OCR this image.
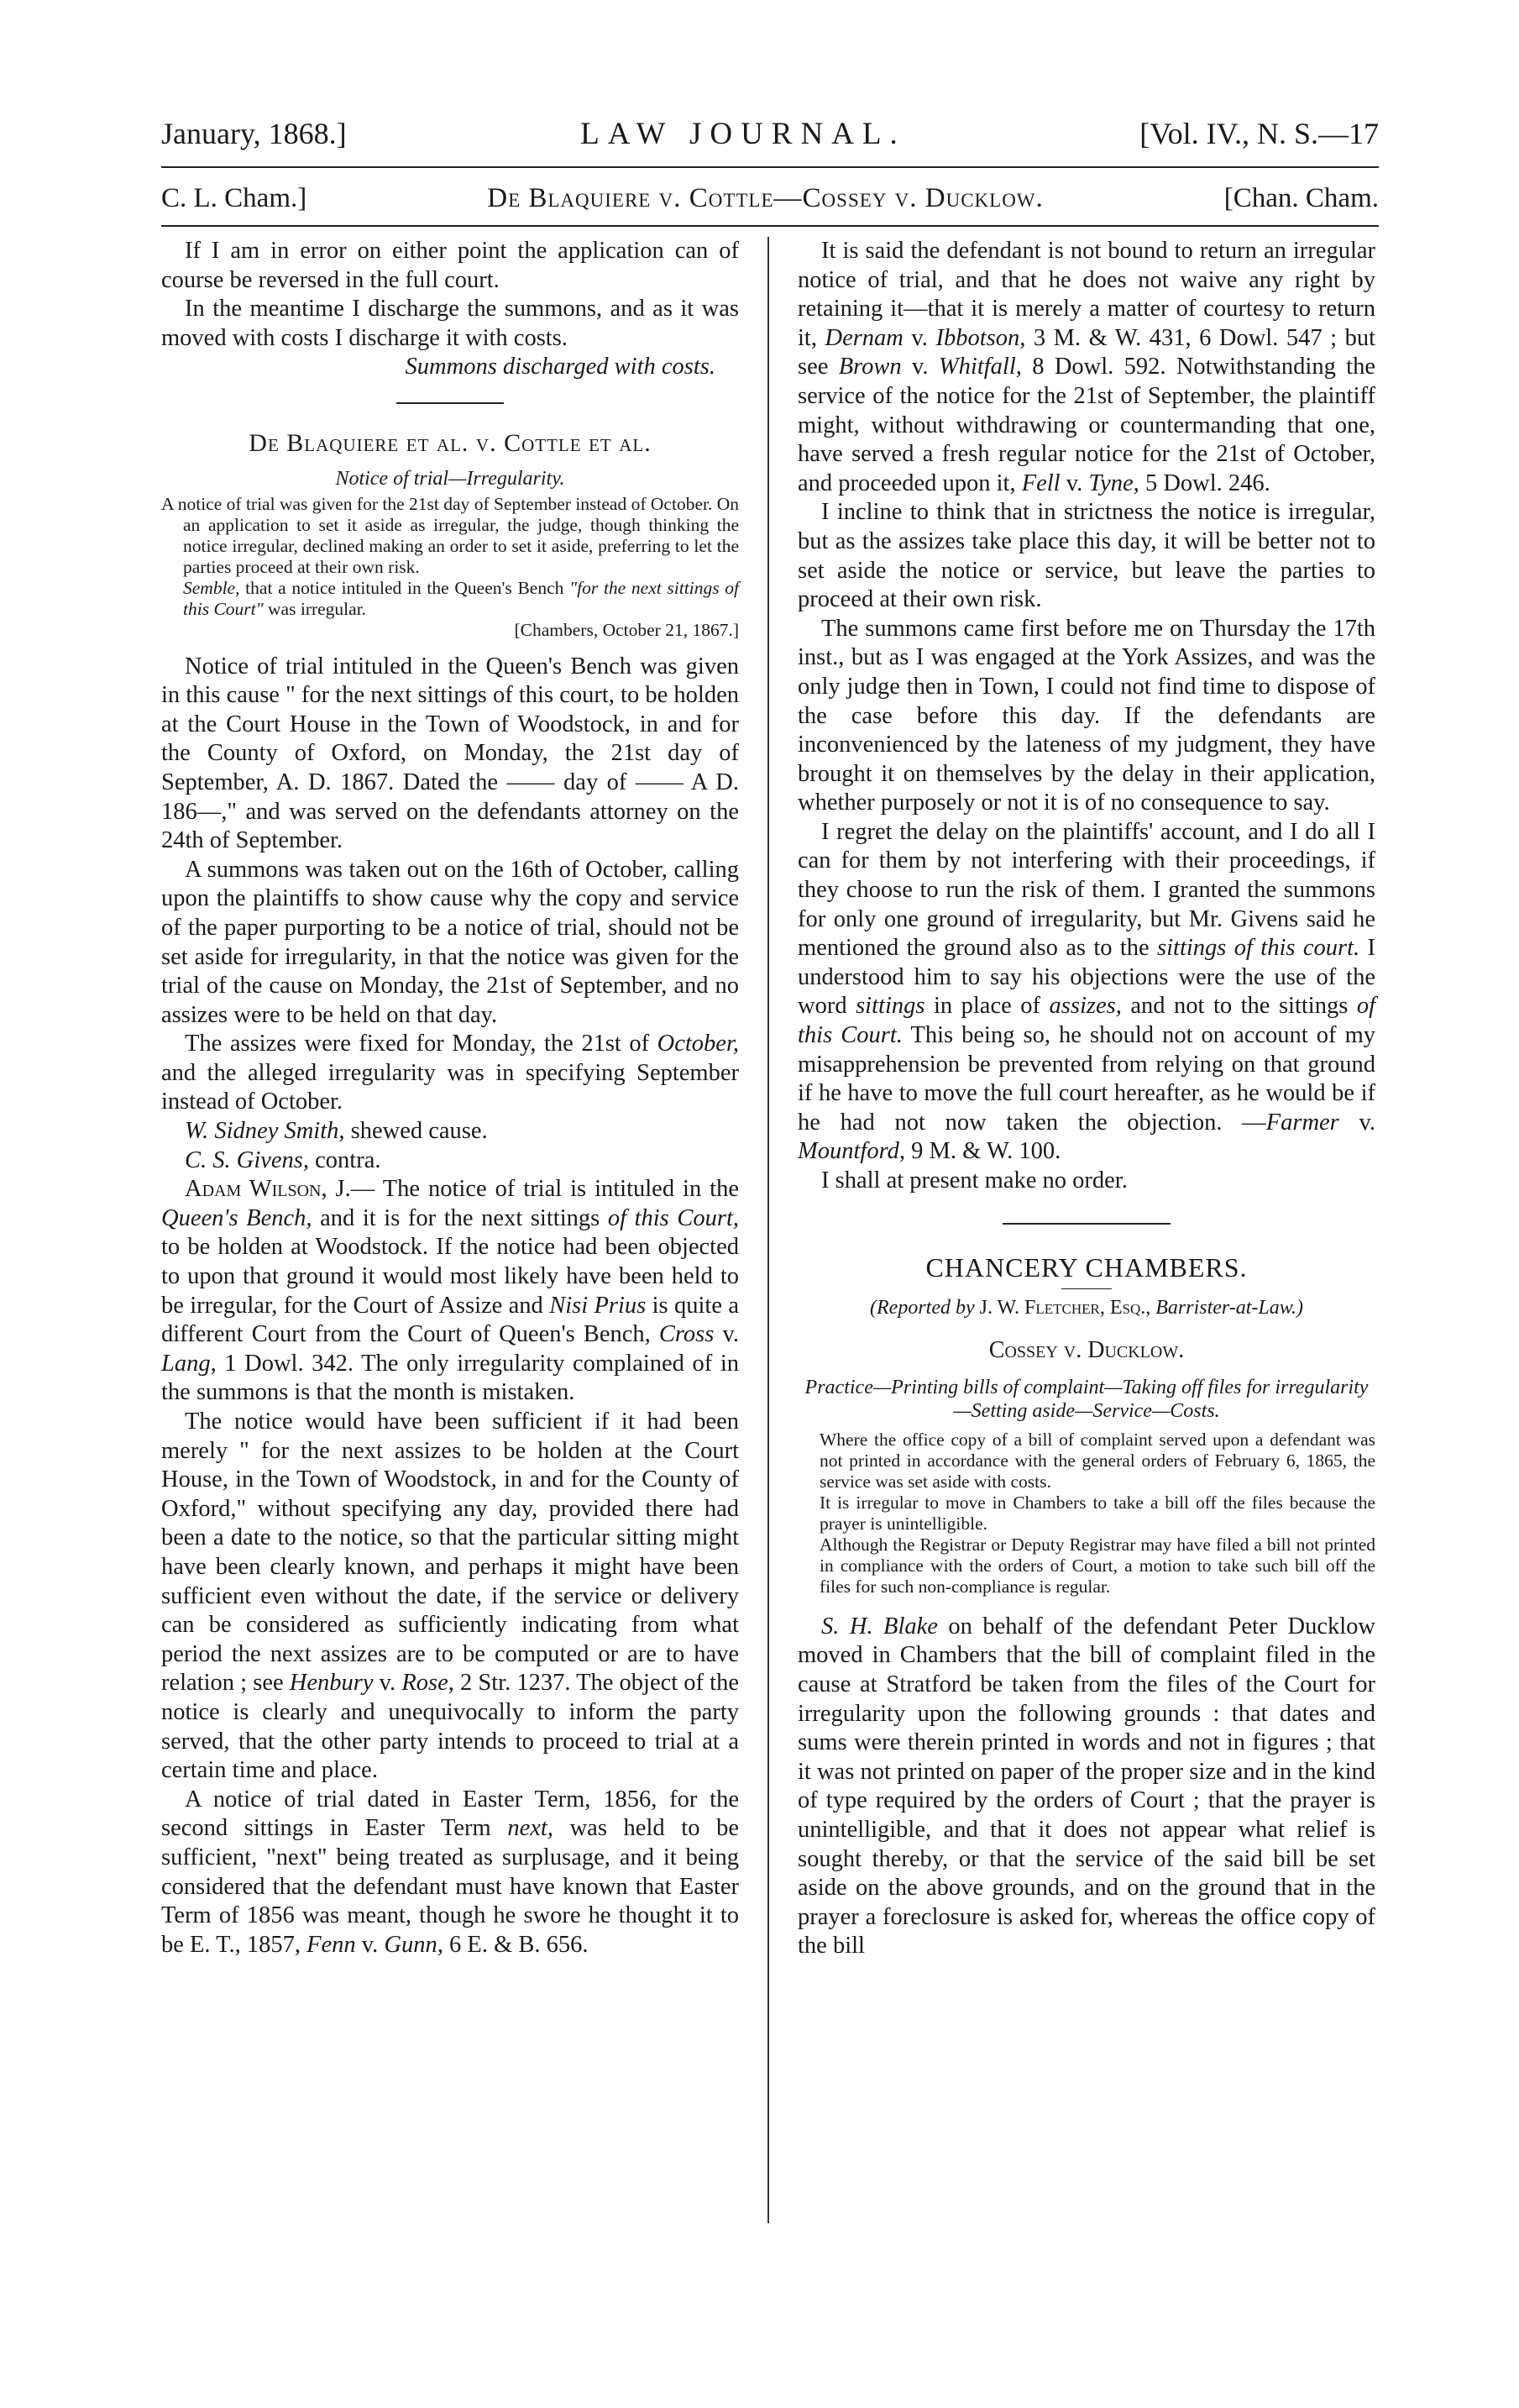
January, 1868.]	LAW JOURNAL.	[Vol. IV., N. S.—17
C. L. Cham.]	De Blaquiere v. Cottle—Cossey v. Ducklow.	[Chan. Cham.

If I am in error on either point the application can of course be reversed in the full court.

In the meantime I discharge the summons, and as it was moved with costs I discharge it with costs.

Summons discharged with costs.

De Blaquiere et al. v. Cottle et al.
Notice of trial—Irregularity.

A notice of trial was given for the 21st day of September instead of October. On an application to set it aside as irregular, the judge, though thinking the notice irregular, declined making an order to set it aside, preferring to let the parties proceed at their own risk.

Semble, that a notice intituled in the Queen's Bench "for the next sittings of this Court" was irregular.

[Chambers, October 21, 1867.]

Notice of trial intituled in the Queen's Bench was given in this cause " for the next sittings of this court, to be holden at the Court House in the Town of Woodstock, in and for the County of Oxford, on Monday, the 21st day of September, A. D. 1867. Dated the —— day of —— A D. 186—," and was served on the defendants attorney on the 24th of September.

A summons was taken out on the 16th of October, calling upon the plaintiffs to show cause why the copy and service of the paper purporting to be a notice of trial, should not be set aside for irregularity, in that the notice was given for the trial of the cause on Monday, the 21st of September, and no assizes were to be held on that day.

The assizes were fixed for Monday, the 21st of October, and the alleged irregularity was in specifying September instead of October.

W. Sidney Smith, shewed cause.

C. S. Givens, contra.

Adam Wilson, J.— The notice of trial is intituled in the Queen's Bench, and it is for the next sittings of this Court, to be holden at Woodstock. If the notice had been objected to upon that ground it would most likely have been held to be irregular, for the Court of Assize and Nisi Prius is quite a different Court from the Court of Queen's Bench, Cross v. Lang, 1 Dowl. 342. The only irregularity complained of in the summons is that the month is mistaken.

The notice would have been sufficient if it had been merely " for the next assizes to be holden at the Court House, in the Town of Woodstock, in and for the County of Oxford," without specifying any day, provided there had been a date to the notice, so that the particular sitting might have been clearly known, and perhaps it might have been sufficient even without the date, if the service or delivery can be considered as sufficiently indicating from what period the next assizes are to be computed or are to have relation ; see Henbury v. Rose, 2 Str. 1237. The object of the notice is clearly and unequivocally to inform the party served, that the other party intends to proceed to trial at a certain time and place.

A notice of trial dated in Easter Term, 1856, for the second sittings in Easter Term next, was held to be sufficient, "next" being treated as surplusage, and it being considered that the defendant must have known that Easter Term of 1856 was meant, though he swore he thought it to be E. T., 1857, Fenn v. Gunn, 6 E. & B. 656.

It is said the defendant is not bound to return an irregular notice of trial, and that he does not waive any right by retaining it—that it is merely a matter of courtesy to return it, Dernam v. Ibbotson, 3 M. & W. 431, 6 Dowl. 547 ; but see Brown v. Whitfall, 8 Dowl. 592. Notwithstanding the service of the notice for the 21st of September, the plaintiff might, without withdrawing or countermanding that one, have served a fresh regular notice for the 21st of October, and proceeded upon it, Fell v. Tyne, 5 Dowl. 246.

I incline to think that in strictness the notice is irregular, but as the assizes take place this day, it will be better not to set aside the notice or service, but leave the parties to proceed at their own risk.

The summons came first before me on Thursday the 17th inst., but as I was engaged at the York Assizes, and was the only judge then in Town, I could not find time to dispose of the case before this day. If the defendants are inconvenienced by the lateness of my judgment, they have brought it on themselves by the delay in their application, whether purposely or not it is of no consequence to say.

I regret the delay on the plaintiffs' account, and I do all I can for them by not interfering with their proceedings, if they choose to run the risk of them. I granted the summons for only one ground of irregularity, but Mr. Givens said he mentioned the ground also as to the sittings of this court. I understood him to say his objections were the use of the word sittings in place of assizes, and not to the sittings of this Court. This being so, he should not on account of my misapprehension be prevented from relying on that ground if he have to move the full court hereafter, as he would be if he had not now taken the objection. —Farmer v. Mountford, 9 M. & W. 100.

I shall at present make no order.

CHANCERY CHAMBERS.
(Reported by J. W. Fletcher, Esq., Barrister-at-Law.)
Cossey v. Ducklow.
Practice—Printing bills of complaint—Taking off files for irregularity—Setting aside—Service—Costs.

Where the office copy of a bill of complaint served upon a defendant was not printed in accordance with the general orders of February 6, 1865, the service was set aside with costs.

It is irregular to move in Chambers to take a bill off the files because the prayer is unintelligible.

Although the Registrar or Deputy Registrar may have filed a bill not printed in compliance with the orders of Court, a motion to take such bill off the files for such non-compliance is regular.

S. H. Blake on behalf of the defendant Peter Ducklow moved in Chambers that the bill of complaint filed in the cause at Stratford be taken from the files of the Court for irregularity upon the following grounds : that dates and sums were therein printed in words and not in figures ; that it was not printed on paper of the proper size and in the kind of type required by the orders of Court ; that the prayer is unintelligible, and that it does not appear what relief is sought thereby, or that the service of the said bill be set aside on the above grounds, and on the ground that in the prayer a foreclosure is asked for, whereas the office copy of the bill
